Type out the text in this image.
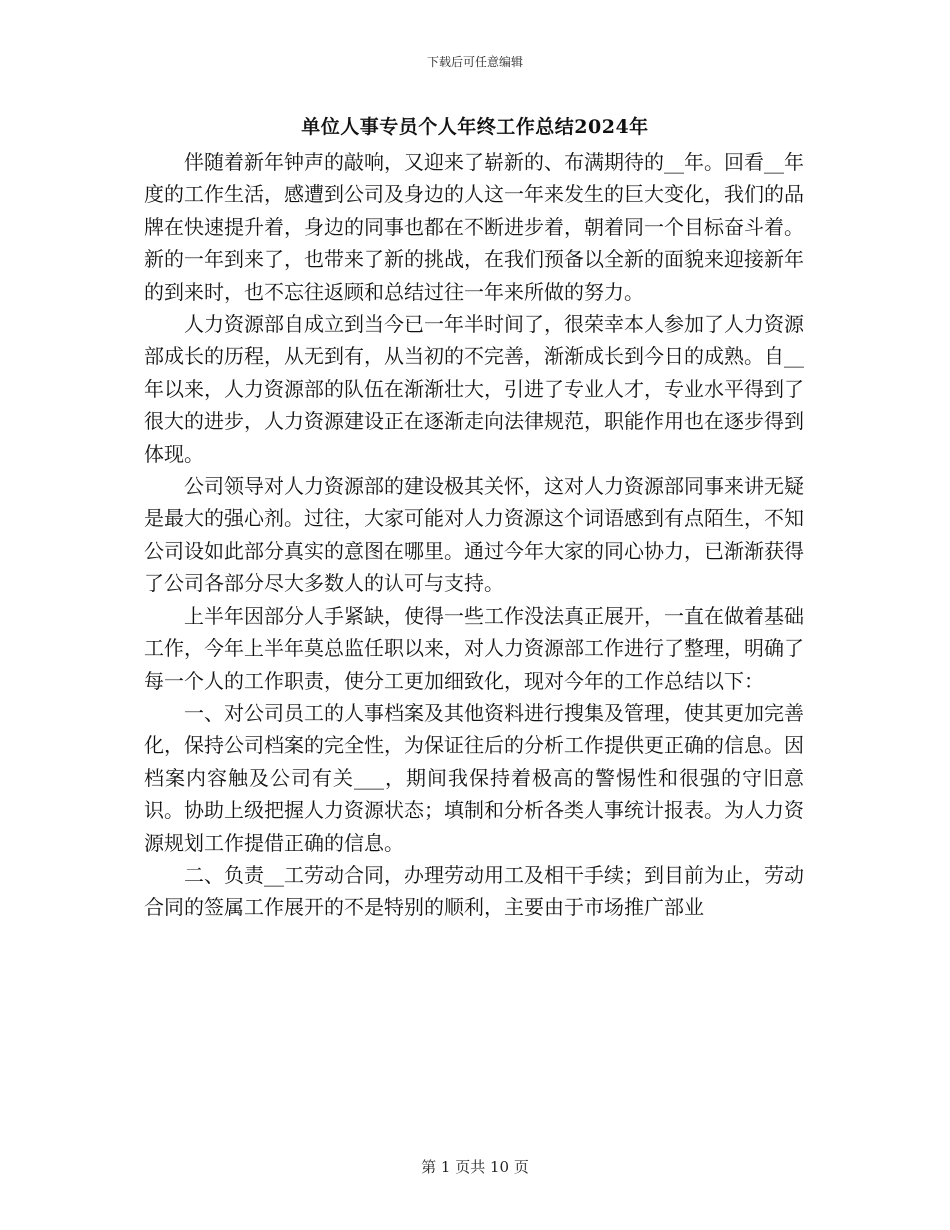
下载后可任意编辑
单位人事专员个人年终工作总结2024年

伴随着新年钟声的敲响，又迎来了崭新的、布满期待的__年。回看__年度的工作生活，感遭到公司及身边的人这一年来发生的巨大变化，我们的品牌在快速提升着，身边的同事也都在不断进步着，朝着同一个目标奋斗着。新的一年到来了，也带来了新的挑战，在我们预备以全新的面貌来迎接新年的到来时，也不忘往返顾和总结过往一年来所做的努力。

人力资源部自成立到当今已一年半时间了，很荣幸本人参加了人力资源部成长的历程，从无到有，从当初的不完善，渐渐成长到今日的成熟。自__年以来，人力资源部的队伍在渐渐壮大，引进了专业人才，专业水平得到了很大的进步，人力资源建设正在逐渐走向法律规范，职能作用也在逐步得到体现。

公司领导对人力资源部的建设极其关怀，这对人力资源部同事来讲无疑是最大的强心剂。过往，大家可能对人力资源这个词语感到有点陌生，不知公司设如此部分真实的意图在哪里。通过今年大家的同心协力，已渐渐获得了公司各部分尽大多数人的认可与支持。

上半年因部分人手紧缺，使得一些工作没法真正展开，一直在做着基础工作，今年上半年莫总监任职以来，对人力资源部工作进行了整理，明确了每一个人的工作职责，使分工更加细致化，现对今年的工作总结以下：

一、对公司员工的人事档案及其他资料进行搜集及管理，使其更加完善化，保持公司档案的完全性，为保证往后的分析工作提供更正确的信息。因档案内容触及公司有关___，期间我保持着极高的警惕性和很强的守旧意识。协助上级把握人力资源状态；填制和分析各类人事统计报表。为人力资源规划工作提借正确的信息。

二、负责__工劳动合同，办理劳动用工及相干手续；到目前为止，劳动合同的签属工作展开的不是特别的顺利，主要由于市场推广部业

第 1 页共 10 页
